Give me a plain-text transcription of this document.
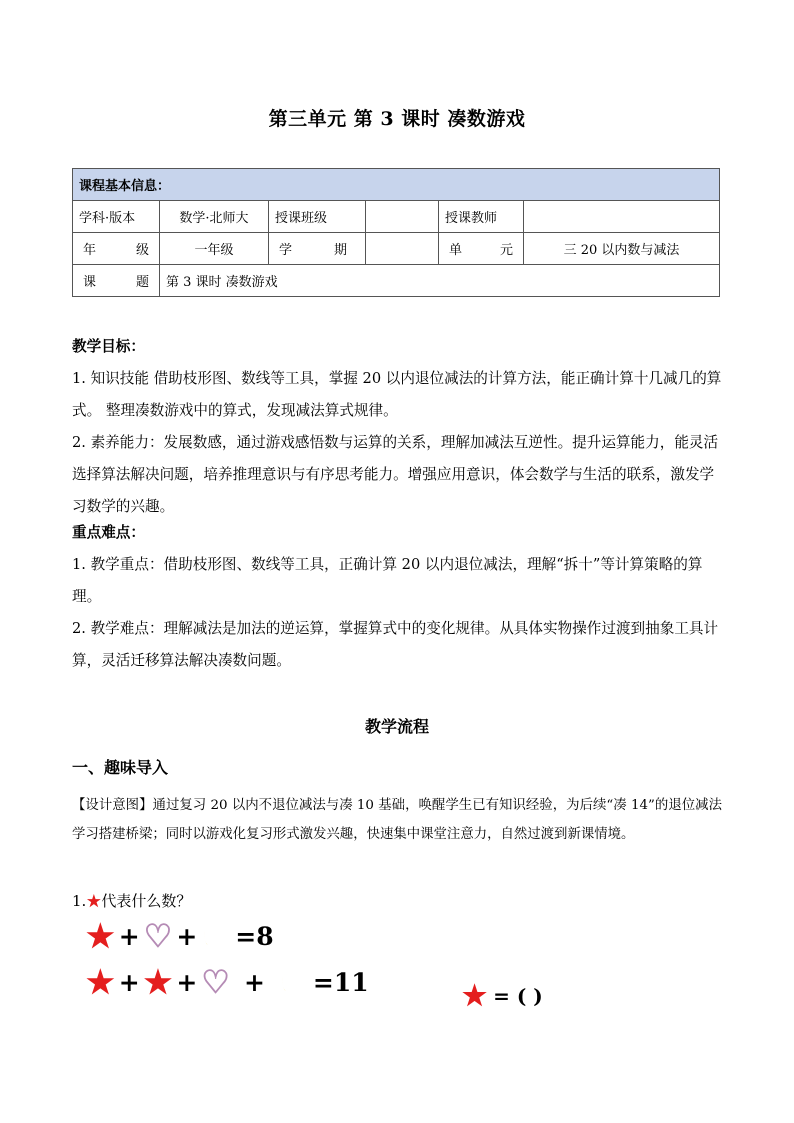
第三单元 第 3 课时 凑数游戏
课程基本信息：					
学科·版本	数学·北师大	授课班级		授课教师	

年 级	一年级	学 期		单 元	三 20 以内数与减法

课 题	第 3 课时 凑数游戏				
教学目标：
1. 知识技能 借助枝形图、数线等工具，掌握 20 以内退位减法的计算方法，能正确计算十几减几的算式。 整理凑数游戏中的算式，发现减法算式规律。
2. 素养能力：发展数感，通过游戏感悟数与运算的关系，理解加减法互逆性。提升运算能力，能灵活选择算法解决问题，培养推理意识与有序思考能力。增强应用意识，体会数学与生活的联系，激发学习数学的兴趣。
重点难点：
1. 教学重点：借助枝形图、数线等工具，正确计算 20 以内退位减法，理解“拆十”等计算策略的算理。
2. 教学难点：理解减法是加法的逆运算，掌握算式中的变化规律。从具体实物操作过渡到抽象工具计算，灵活迁移算法解决凑数问题。
教学流程
一、趣味导入
【设计意图】通过复习 20 以内不退位减法与凑 10 基础，唤醒学生已有知识经验，为后续“凑 14”的退位减法学习搭建桥梁；同时以游戏化复习形式激发兴趣，快速集中课堂注意力，自然过渡到新课情境。
1.★代表什么数？
★ + ♡ + =8
★ + ★ + ♡ + =11	★ = ( )
